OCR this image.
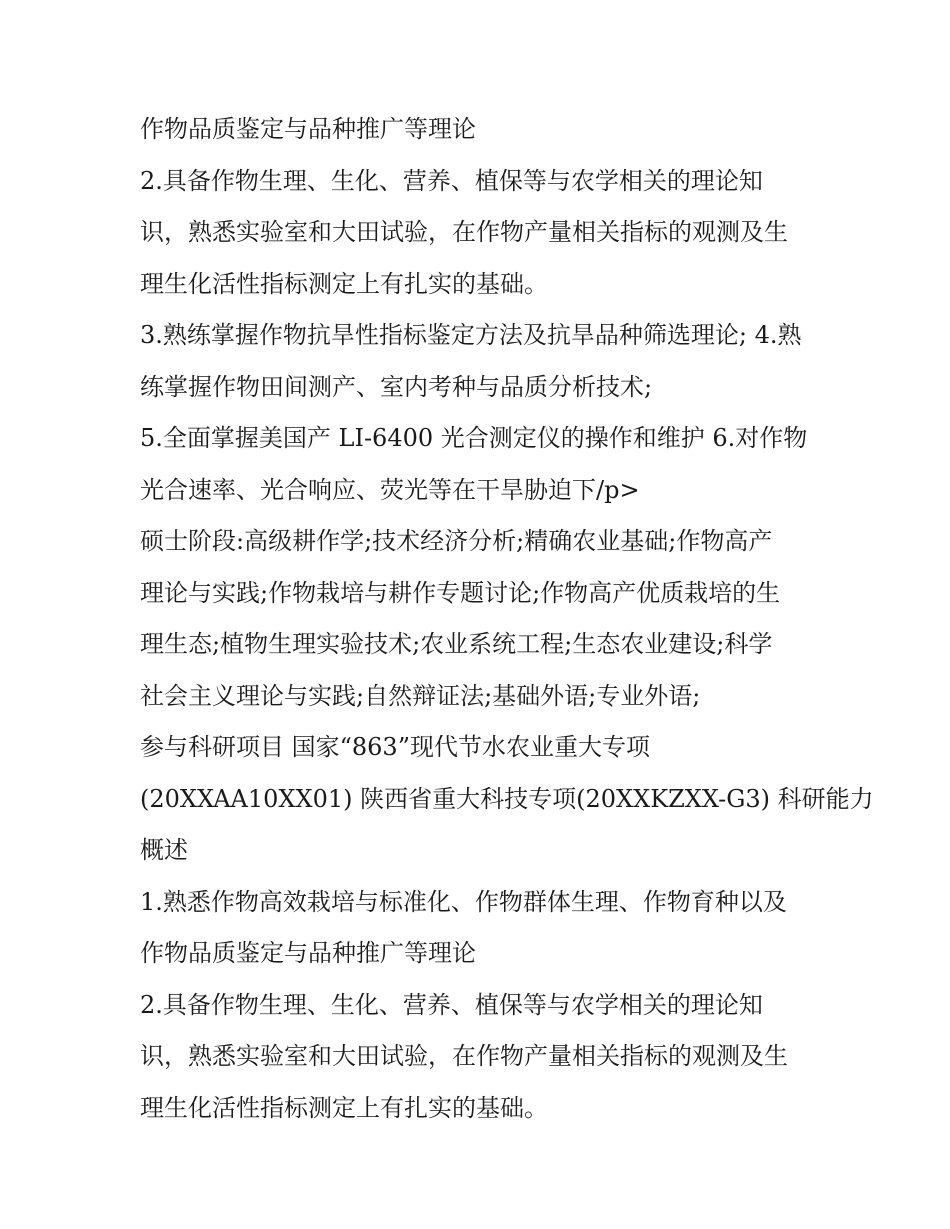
作物品质鉴定与品种推广等理论
2.具备作物生理、生化、营养、植保等与农学相关的理论知
识，熟悉实验室和大田试验，在作物产量相关指标的观测及生
理生化活性指标测定上有扎实的基础。
3.熟练掌握作物抗旱性指标鉴定方法及抗旱品种筛选理论; 4.熟
练掌握作物田间测产、室内考种与品质分析技术;
5.全面掌握美国产 LI-6400 光合测定仪的操作和维护 6.对作物
光合速率、光合响应、荧光等在干旱胁迫下/p>
硕士阶段:高级耕作学;技术经济分析;精确农业基础;作物高产
理论与实践;作物栽培与耕作专题讨论;作物高产优质栽培的生
理生态;植物生理实验技术;农业系统工程;生态农业建设;科学
社会主义理论与实践;自然辩证法;基础外语;专业外语;
参与科研项目 国家“863”现代节水农业重大专项
(20XXAA10XX01) 陕西省重大科技专项(20XXKZXX-G3) 科研能力
概述
1.熟悉作物高效栽培与标准化、作物群体生理、作物育种以及
作物品质鉴定与品种推广等理论
2.具备作物生理、生化、营养、植保等与农学相关的理论知
识，熟悉实验室和大田试验，在作物产量相关指标的观测及生
理生化活性指标测定上有扎实的基础。
